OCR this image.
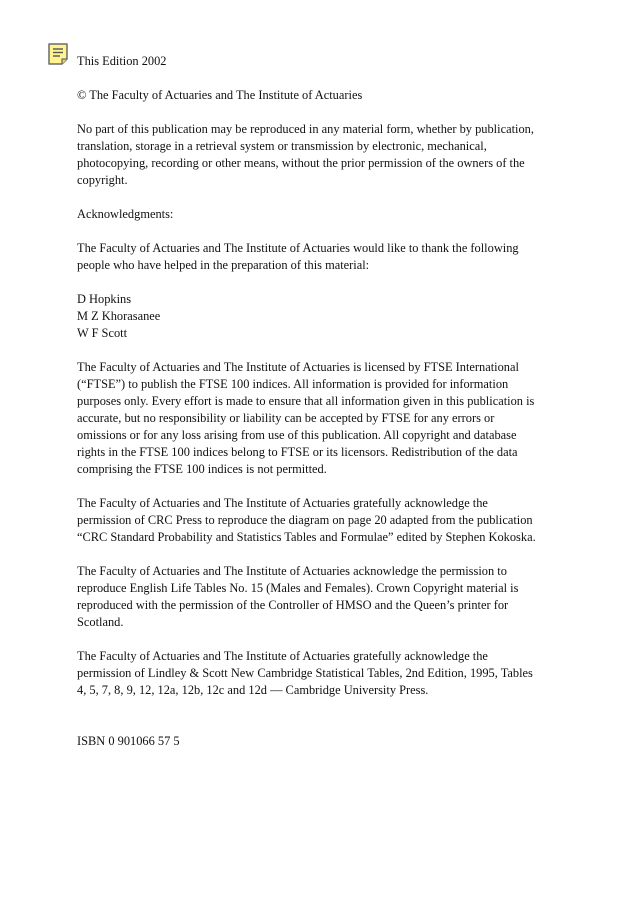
This Edition 2002

© The Faculty of Actuaries and The Institute of Actuaries

No part of this publication may be reproduced in any material form, whether by publication,
translation, storage in a retrieval system or transmission by electronic, mechanical,
photocopying, recording or other means, without the prior permission of the owners of the
copyright.

Acknowledgments:

The Faculty of Actuaries and The Institute of Actuaries would like to thank the following
people who have helped in the preparation of this material:

D Hopkins
M Z Khorasanee
W F Scott

The Faculty of Actuaries and The Institute of Actuaries is licensed by FTSE International
(“FTSE”) to publish the FTSE 100 indices. All information is provided for information
purposes only. Every effort is made to ensure that all information given in this publication is
accurate, but no responsibility or liability can be accepted by FTSE for any errors or
omissions or for any loss arising from use of this publication. All copyright and database
rights in the FTSE 100 indices belong to FTSE or its licensors. Redistribution of the data
comprising the FTSE 100 indices is not permitted.

The Faculty of Actuaries and The Institute of Actuaries gratefully acknowledge the
permission of CRC Press to reproduce the diagram on page 20 adapted from the publication
“CRC Standard Probability and Statistics Tables and Formulae” edited by Stephen Kokoska.

The Faculty of Actuaries and The Institute of Actuaries acknowledge the permission to
reproduce English Life Tables No. 15 (Males and Females). Crown Copyright material is
reproduced with the permission of the Controller of HMSO and the Queen’s printer for
Scotland.

The Faculty of Actuaries and The Institute of Actuaries gratefully acknowledge the
permission of Lindley & Scott New Cambridge Statistical Tables, 2nd Edition, 1995, Tables
4, 5, 7, 8, 9, 12, 12a, 12b, 12c and 12d — Cambridge University Press.

ISBN 0 901066 57 5
